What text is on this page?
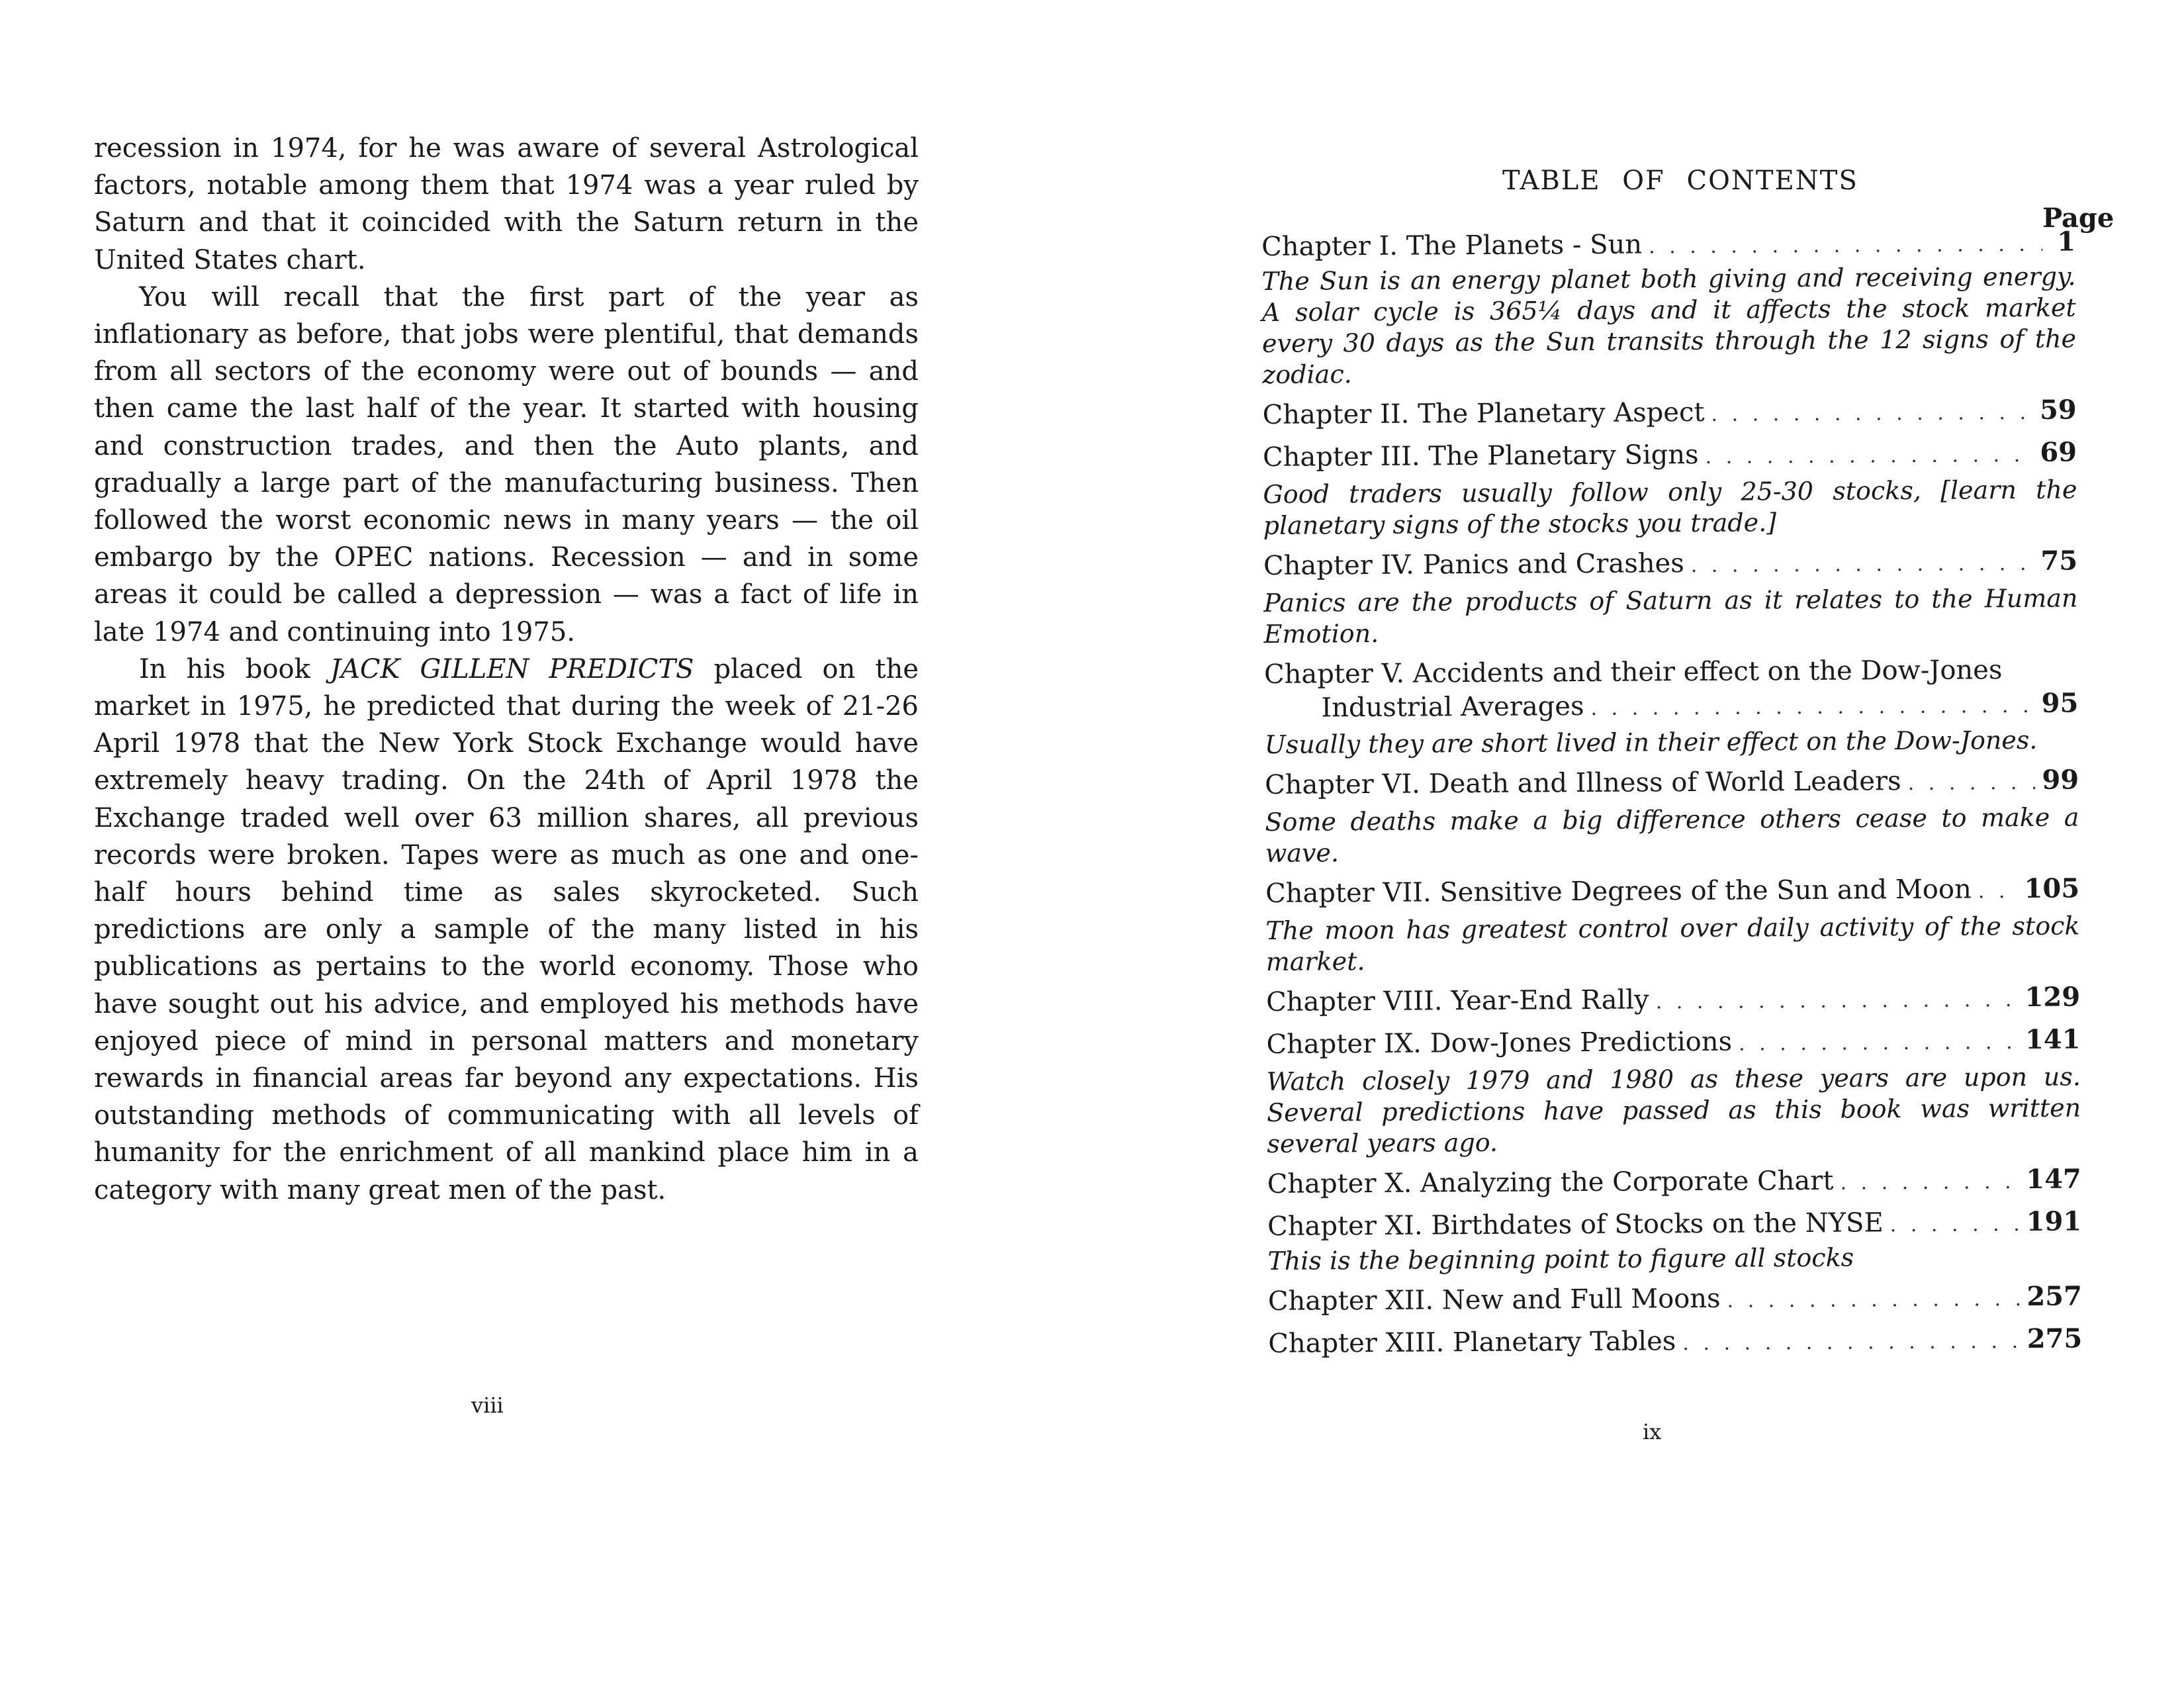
recession in 1974, for he was aware of several Astrological factors, notable among them that 1974 was a year ruled by Saturn and that it coincided with the Saturn return in the United States chart.

You will recall that the first part of the year as inflationary as before, that jobs were plentiful, that demands from all sectors of the economy were out of bounds — and then came the last half of the year. It started with housing and construction trades, and then the Auto plants, and gradually a large part of the manufacturing business. Then followed the worst economic news in many years — the oil embargo by the OPEC nations. Recession — and in some areas it could be called a depression — was a fact of life in late 1974 and continuing into 1975.

In his book JACK GILLEN PREDICTS placed on the market in 1975, he predicted that during the week of 21-26 April 1978 that the New York Stock Exchange would have extremely heavy trading. On the 24th of April 1978 the Exchange traded well over 63 million shares, all previous records were broken. Tapes were as much as one and one-half hours behind time as sales skyrocketed. Such predictions are only a sample of the many listed in his publications as pertains to the world economy. Those who have sought out his advice, and employed his methods have enjoyed piece of mind in personal matters and monetary rewards in financial areas far beyond any expectations. His outstanding methods of communicating with all levels of humanity for the enrichment of all mankind place him in a category with many great men of the past.

viii
TABLE OF CONTENTS
Page
Chapter I. The Planets - Sun . . .	1
The Sun is an energy planet both giving and receiving energy. A solar cycle is 365¼ days and it affects the stock market every 30 days as the Sun transits through the 12 signs of the zodiac.
Chapter II. The Planetary Aspect . . .	59
Chapter III. The Planetary Signs . . .	69
Good traders usually follow only 25-30 stocks, [learn the planetary signs of the stocks you trade.]
Chapter IV. Panics and Crashes . . .	75
Panics are the products of Saturn as it relates to the Human Emotion.
Chapter V. Accidents and their effect on the Dow-Jones
Industrial Averages . . .	95
Usually they are short lived in their effect on the Dow-Jones.
Chapter VI. Death and Illness of World Leaders . . .	99
Some deaths make a big difference others cease to make a wave.
Chapter VII. Sensitive Degrees of the Sun and Moon . . . 105
The moon has greatest control over daily activity of the stock market.
Chapter VIII. Year-End Rally . . .	129
Chapter IX. Dow-Jones Predictions . . .	141
Watch closely 1979 and 1980 as these years are upon us. Several predictions have passed as this book was written several years ago.
Chapter X. Analyzing the Corporate Chart . . .	147
Chapter XI. Birthdates of Stocks on the NYSE . . .	191
This is the beginning point to figure all stocks
Chapter XII. New and Full Moons . . .	257
Chapter XIII. Planetary Tables . . .	275
ix
